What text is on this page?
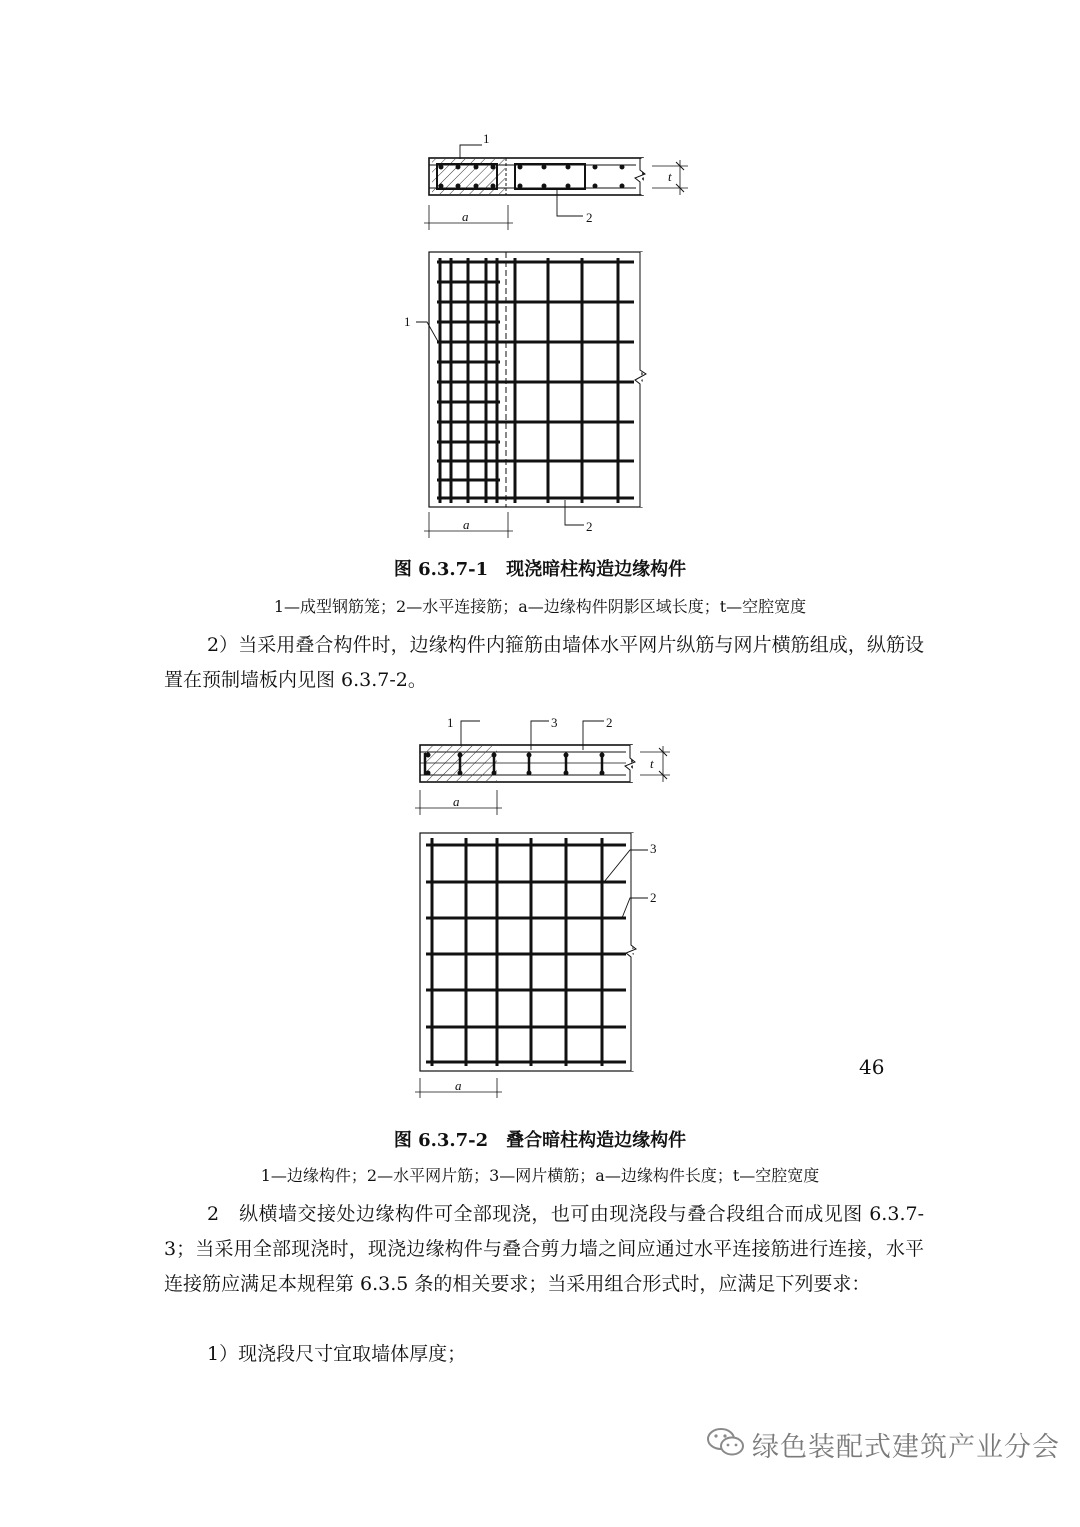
1
2
a
t
1
2
a
1	3	2
a
t
3
2
a
图 6.3.7-1　现浇暗柱构造边缘构件
1—成型钢筋笼；2—水平连接筋；a—边缘构件阴影区域长度；t—空腔宽度
2）当采用叠合构件时，边缘构件内箍筋由墙体水平网片纵筋与网片横筋组成，纵筋设置在预制墙板内见图 6.3.7-2。
图 6.3.7-2　叠合暗柱构造边缘构件
1—边缘构件；2—水平网片筋；3—网片横筋；a—边缘构件长度；t—空腔宽度
2　纵横墙交接处边缘构件可全部现浇，也可由现浇段与叠合段组合而成见图 6.3.7-3；当采用全部现浇时，现浇边缘构件与叠合剪力墙之间应通过水平连接筋进行连接，水平连接筋应满足本规程第 6.3.5 条的相关要求；当采用组合形式时，应满足下列要求：
1）现浇段尺寸宜取墙体厚度；
46
绿色装配式建筑产业分会
